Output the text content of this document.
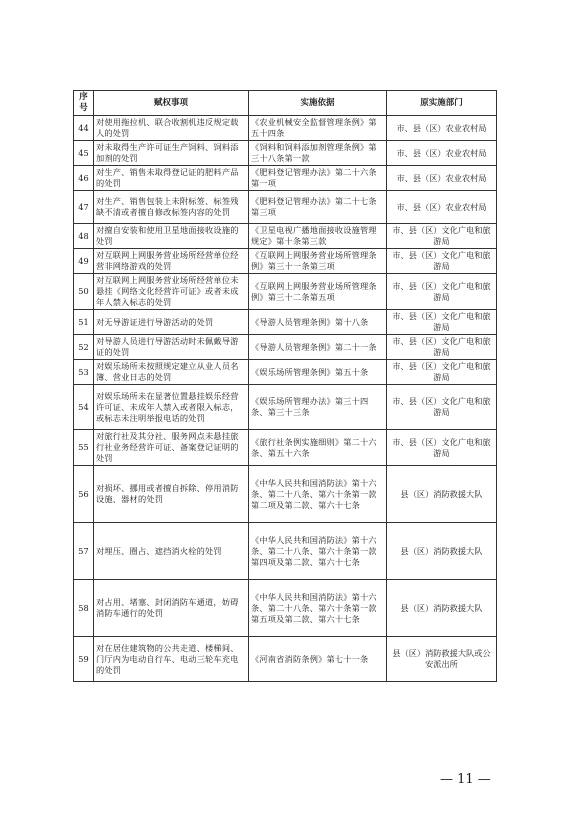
序号	赋权事项	实施依据	原实施部门
44	对使用拖拉机、联合收割机违反规定载人的处罚	《农业机械安全监督管理条例》第五十四条	市、县（区）农业农村局
45	对未取得生产许可证生产饲料、饲料添加剂的处罚	《饲料和饲料添加剂管理条例》第三十八条第一款	市、县（区）农业农村局
46	对生产、销售未取得登记证的肥料产品的处罚	《肥料登记管理办法》第二十六条第一项	市、县（区）农业农村局
47	对生产、销售包装上未附标签、标签残缺不清或者擅自修改标签内容的处罚	《肥料登记管理办法》第二十七条第三项	市、县（区）农业农村局
48	对擅自安装和使用卫星地面接收设施的处罚	《卫星电视广播地面接收设施管理规定》第十条第三款	市、县（区）文化广电和旅游局
49	对互联网上网服务营业场所经营单位经营非网络游戏的处罚	《互联网上网服务营业场所管理条例》第三十一条第三项	市、县（区）文化广电和旅游局
50	对互联网上网服务营业场所经营单位未悬挂《网络文化经营许可证》或者未成年人禁入标志的处罚	《互联网上网服务营业场所管理条例》第三十二条第五项	市、县（区）文化广电和旅游局
51	对无导游证进行导游活动的处罚	《导游人员管理条例》第十八条	市、县（区）文化广电和旅游局
52	对导游人员进行导游活动时未佩戴导游证的处罚	《导游人员管理条例》第二十一条	市、县（区）文化广电和旅游局
53	对娱乐场所未按照规定建立从业人员名簿、营业日志的处罚	《娱乐场所管理条例》第五十条	市、县（区）文化广电和旅游局
54	对娱乐场所未在显著位置悬挂娱乐经营许可证、未成年人禁入或者限入标志，或标志未注明举报电话的处罚	《娱乐场所管理办法》第三十四条、第三十三条	市、县（区）文化广电和旅游局
55	对旅行社及其分社、服务网点未悬挂旅行社业务经营许可证、备案登记证明的处罚	《旅行社条例实施细则》第二十六条、第五十六条	市、县（区）文化广电和旅游局
56	对损坏、挪用或者擅自拆除、停用消防设施、器材的处罚	《中华人民共和国消防法》第十六条、第二十八条、第六十条第一款第二项及第二款、第六十七条	县（区）消防救援大队
57	对埋压、圈占、遮挡消火栓的处罚	《中华人民共和国消防法》第十六条、第二十八条、第六十条第一款第四项及第二款、第六十七条	县（区）消防救援大队
58	对占用、堵塞、封闭消防车通道，妨碍消防车通行的处罚	《中华人民共和国消防法》第十六条、第二十八条、第六十条第一款第五项及第二款、第六十七条	县（区）消防救援大队
59	对在居住建筑物的公共走道、楼梯间、门厅内为电动自行车、电动三轮车充电的处罚	《河南省消防条例》第七十一条	县（区）消防救援大队或公安派出所
— 11 —
